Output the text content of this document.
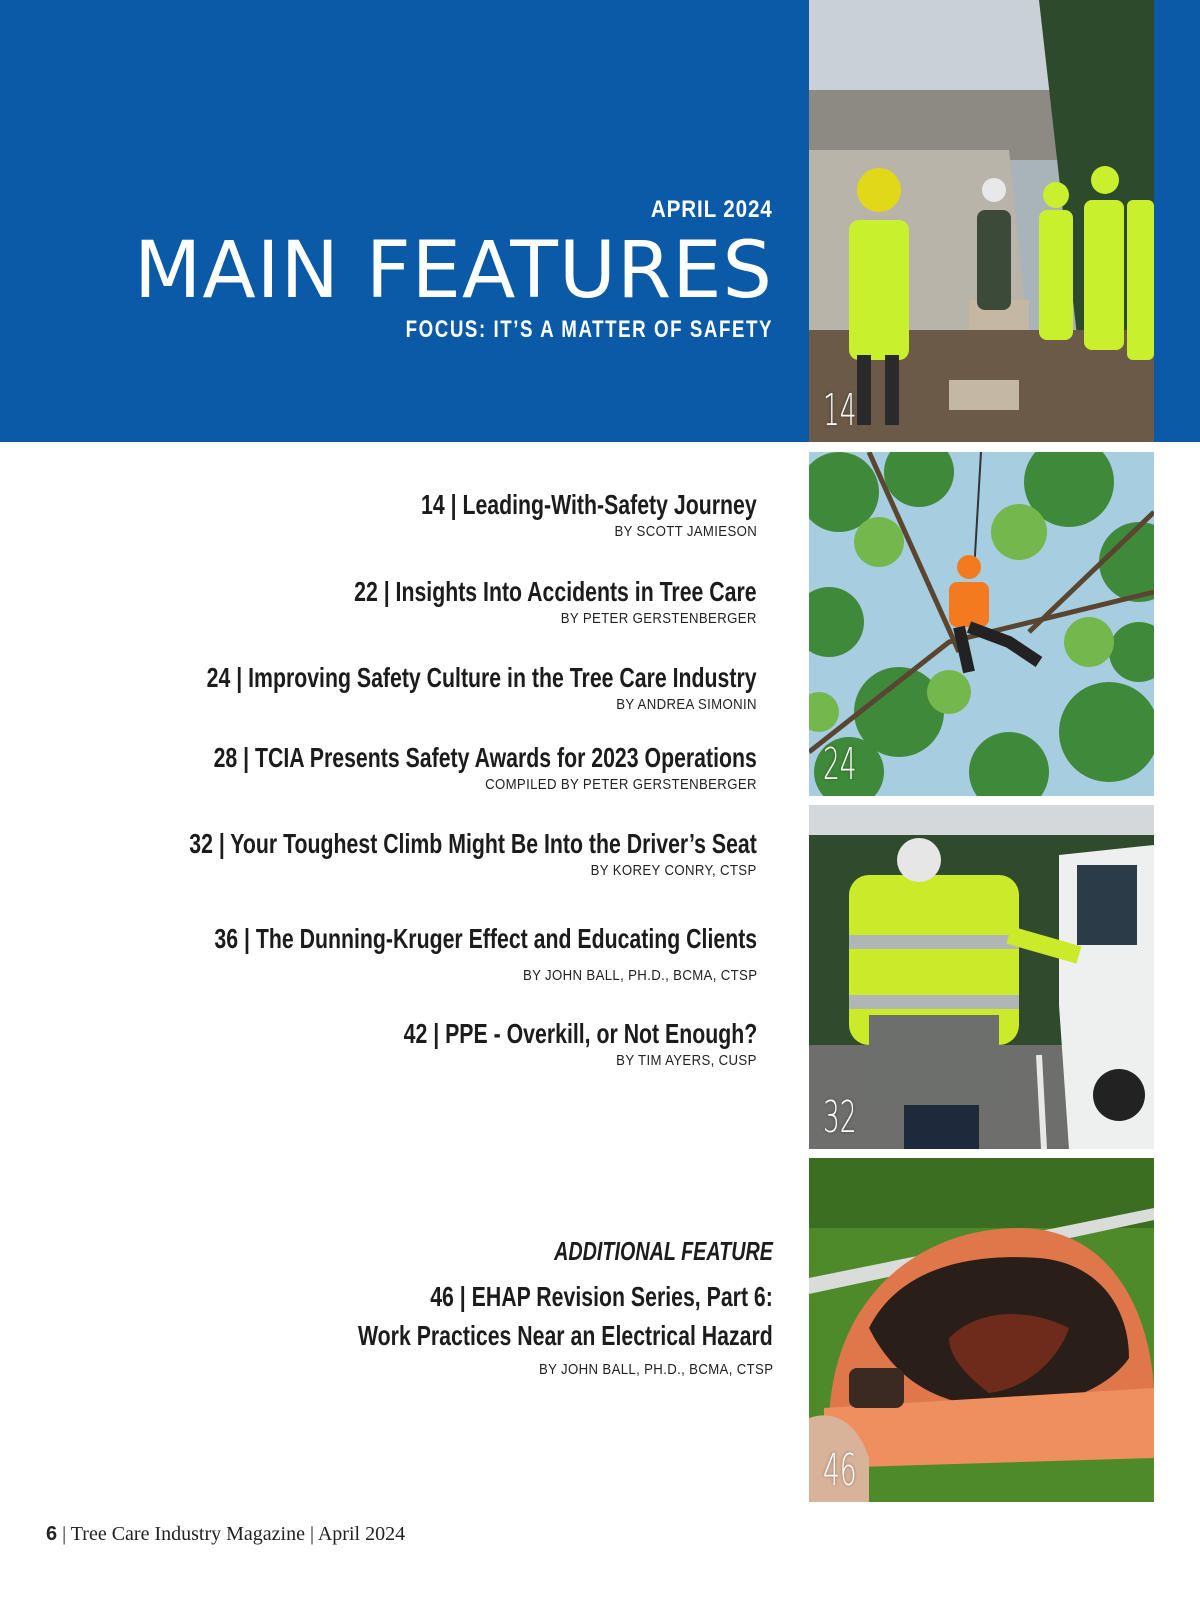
APRIL 2024
MAIN FEATURES
FOCUS: IT’S A MATTER OF SAFETY
14
24
32
46
14 | Leading-With-Safety Journey
BY SCOTT JAMIESON
22 | Insights Into Accidents in Tree Care
BY PETER GERSTENBERGER
24 | Improving Safety Culture in the Tree Care Industry
BY ANDREA SIMONIN
28 | TCIA Presents Safety Awards for 2023 Operations
COMPILED BY PETER GERSTENBERGER
32 | Your Toughest Climb Might Be Into the Driver’s Seat
BY KOREY CONRY, CTSP
36 | The Dunning-Kruger Effect and Educating Clients
BY JOHN BALL, PH.D., BCMA, CTSP
42 | PPE - Overkill, or Not Enough?
BY TIM AYERS, CUSP
ADDITIONAL FEATURE
46 | EHAP Revision Series, Part 6:
Work Practices Near an Electrical Hazard
BY JOHN BALL, PH.D., BCMA, CTSP
6 | Tree Care Industry Magazine | April 2024
